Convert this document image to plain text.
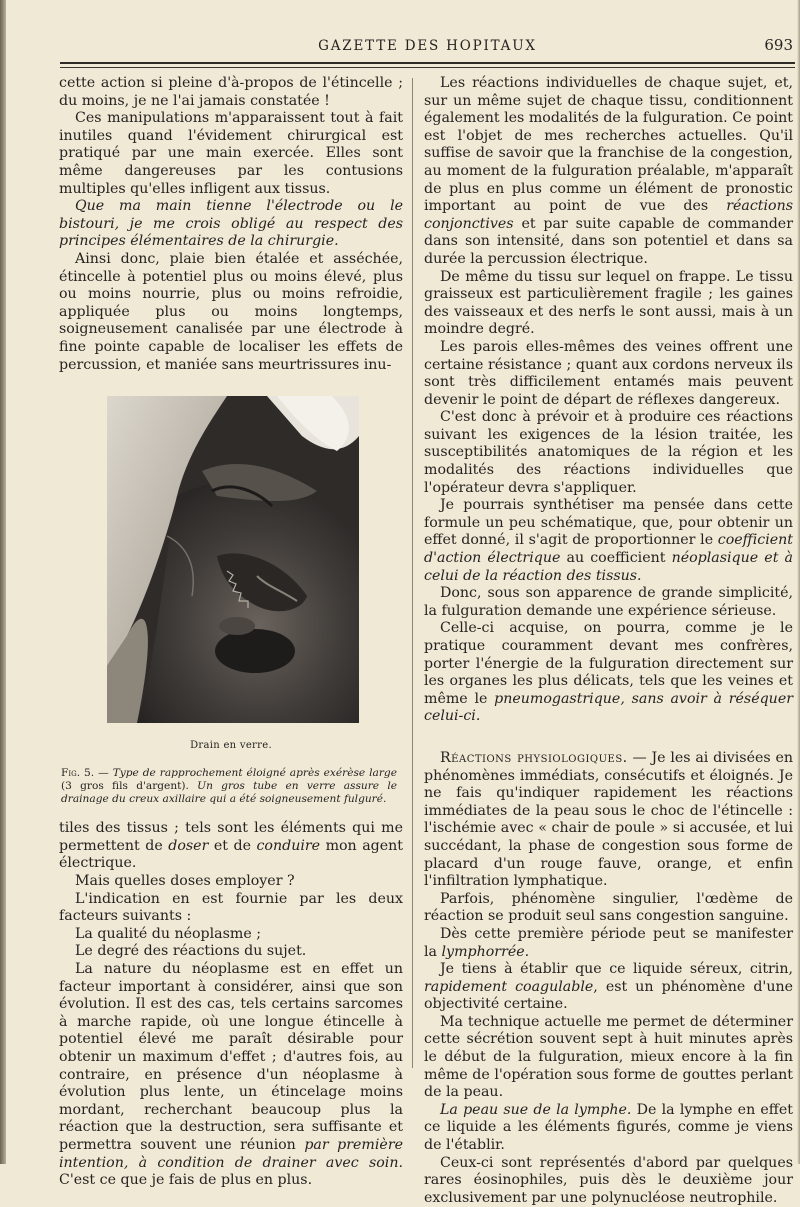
GAZETTE DES HOPITAUX	693

cette action si pleine d'à-propos de l'étincelle ; du moins, je ne l'ai jamais constatée !

Ces manipulations m'apparaissent tout à fait inutiles quand l'évidement chirurgical est pratiqué par une main exercée. Elles sont même dangereuses par les contusions multiples qu'elles infligent aux tissus.

Que ma main tienne l'électrode ou le bistouri, je me crois obligé au respect des principes élémentaires de la chirurgie.

Ainsi donc, plaie bien étalée et asséchée, étincelle à potentiel plus ou moins élevé, plus ou moins nourrie, plus ou moins refroidie, appliquée plus ou moins longtemps, soigneusement canalisée par une électrode à fine pointe capable de localiser les effets de percussion, et maniée sans meurtrissures inu-

Drain en verre.
Fig. 5. — Type de rapprochement éloigné après exérèse large (3 gros fils d'argent). Un gros tube en verre assure le drainage du creux axillaire qui a été soigneusement fulguré.

tiles des tissus ; tels sont les éléments qui me permettent de doser et de conduire mon agent électrique.

Mais quelles doses employer ?

L'indication en est fournie par les deux facteurs suivants :

La qualité du néoplasme ;

Le degré des réactions du sujet.

La nature du néoplasme est en effet un facteur important à considérer, ainsi que son évolution. Il est des cas, tels certains sarcomes à marche rapide, où une longue étincelle à potentiel élevé me paraît désirable pour obtenir un maximum d'effet ; d'autres fois, au contraire, en présence d'un néoplasme à évolution plus lente, un étincelage moins mordant, recherchant beaucoup plus la réaction que la destruction, sera suffisante et permettra souvent une réunion par première intention, à condition de drainer avec soin. C'est ce que je fais de plus en plus.

Les réactions individuelles de chaque sujet, et, sur un même sujet de chaque tissu, conditionnent également les modalités de la fulguration. Ce point est l'objet de mes recherches actuelles. Qu'il suffise de savoir que la franchise de la congestion, au moment de la fulguration préalable, m'apparaît de plus en plus comme un élément de pronostic important au point de vue des réactions conjonctives et par suite capable de commander dans son intensité, dans son potentiel et dans sa durée la percussion électrique.

De même du tissu sur lequel on frappe. Le tissu graisseux est particulièrement fragile ; les gaines des vaisseaux et des nerfs le sont aussi, mais à un moindre degré.

Les parois elles-mêmes des veines offrent une certaine résistance ; quant aux cordons nerveux ils sont très difficilement entamés mais peuvent devenir le point de départ de réflexes dangereux.

C'est donc à prévoir et à produire ces réactions suivant les exigences de la lésion traitée, les susceptibilités anatomiques de la région et les modalités des réactions individuelles que l'opérateur devra s'appliquer.

Je pourrais synthétiser ma pensée dans cette formule un peu schématique, que, pour obtenir un effet donné, il s'agit de proportionner le coefficient d'action électrique au coefficient néoplasique et à celui de la réaction des tissus.

Donc, sous son apparence de grande simplicité, la fulguration demande une expérience sérieuse.

Celle-ci acquise, on pourra, comme je le pratique couramment devant mes confrères, porter l'énergie de la fulguration directement sur les organes les plus délicats, tels que les veines et même le pneumogastrique, sans avoir à réséquer celui-ci.

Réactions physiologiques. — Je les ai divisées en phénomènes immédiats, consécutifs et éloignés. Je ne fais qu'indiquer rapidement les réactions immédiates de la peau sous le choc de l'étincelle : l'ischémie avec « chair de poule » si accusée, et lui succédant, la phase de congestion sous forme de placard d'un rouge fauve, orange, et enfin l'infiltration lymphatique.

Parfois, phénomène singulier, l'œdème de réaction se produit seul sans congestion sanguine.

Dès cette première période peut se manifester la lymphorrée.

Je tiens à établir que ce liquide séreux, citrin, rapidement coagulable, est un phénomène d'une objectivité certaine.

Ma technique actuelle me permet de déterminer cette sécrétion souvent sept à huit minutes après le début de la fulguration, mieux encore à la fin même de l'opération sous forme de gouttes perlant de la peau.

La peau sue de la lymphe. De la lymphe en effet ce liquide a les éléments figurés, comme je viens de l'établir.

Ceux-ci sont représentés d'abord par quelques rares éosinophiles, puis dès le deuxième jour exclusivement par une polynucléose neutrophile.
